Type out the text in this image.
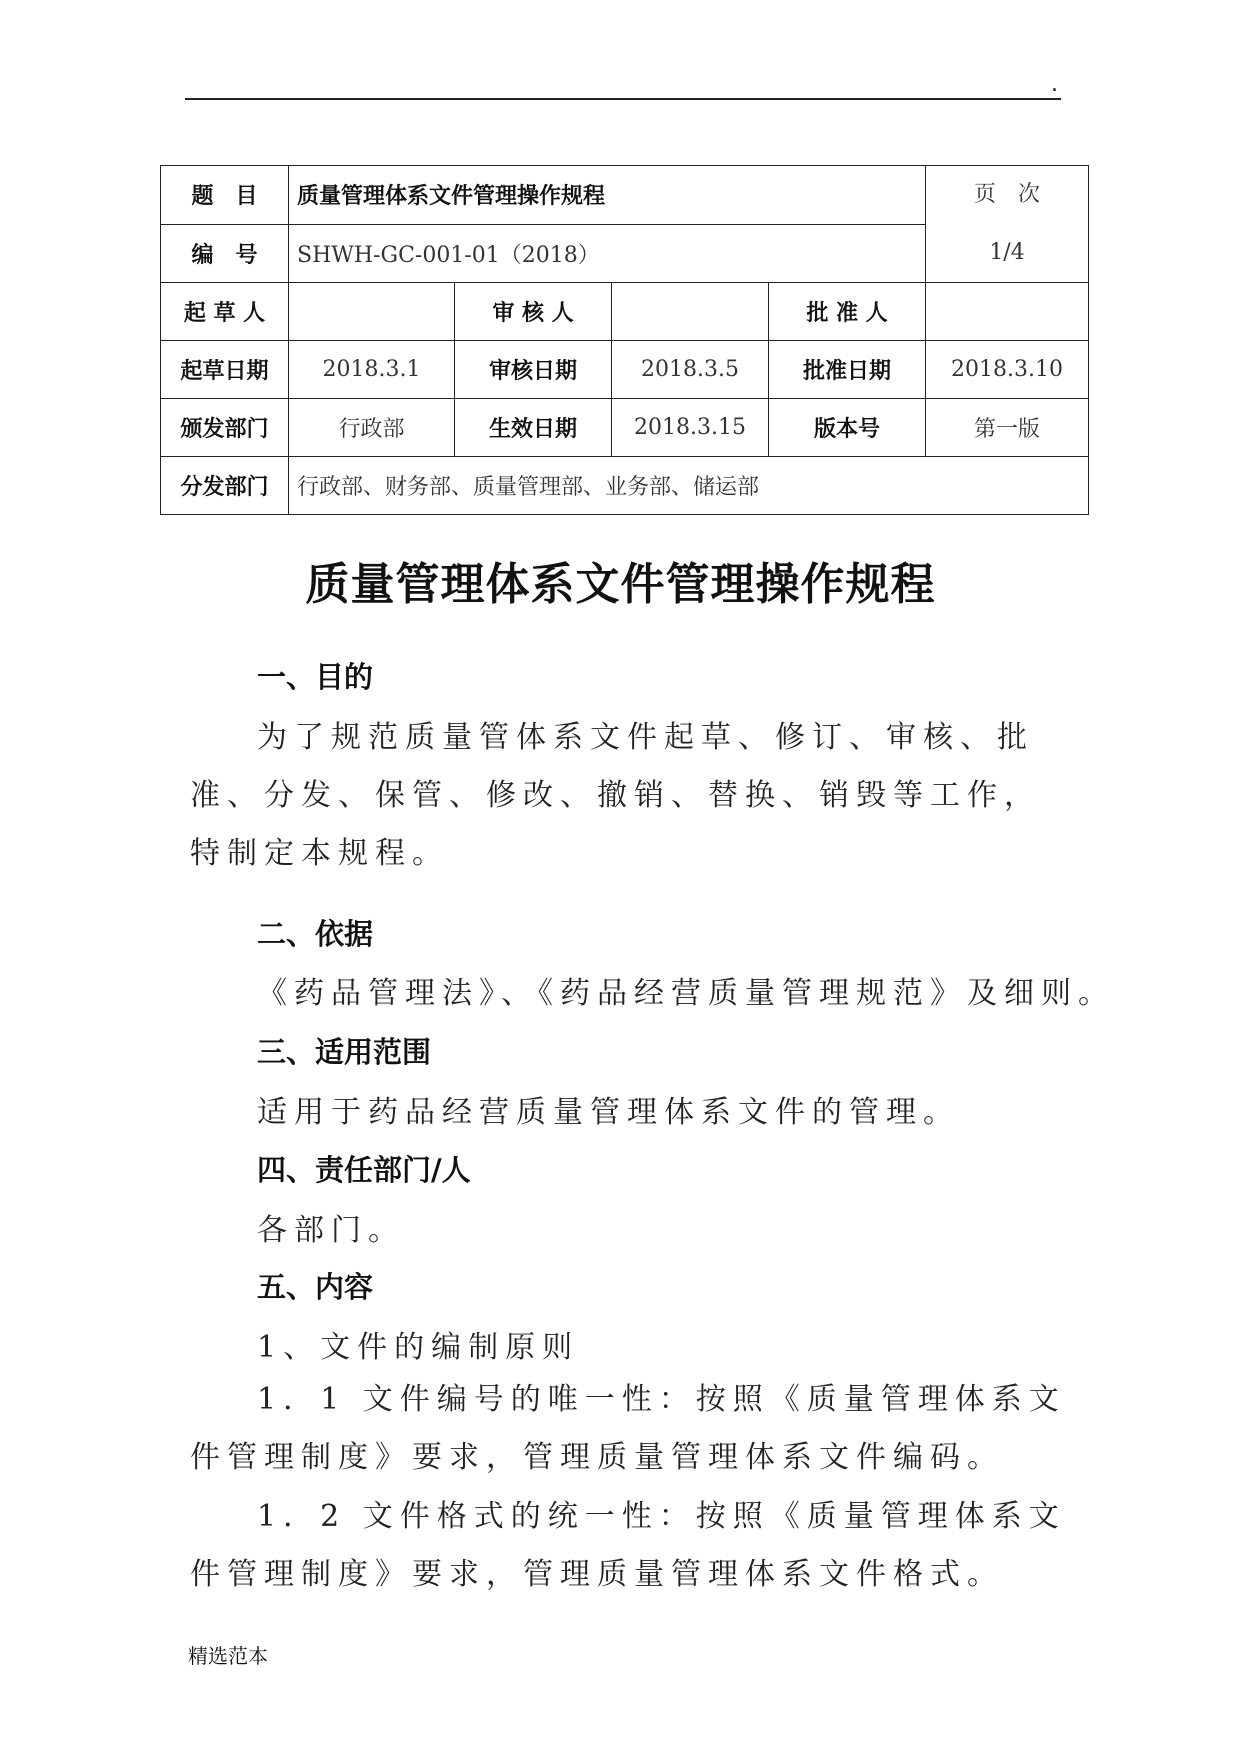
.
题　目	质量管理体系文件管理操作规程				页　次
1/4

编　号	SHWH-GC-001-01（2018）				
起 草 人		审 核 人		批 准 人	
起草日期	2018.3.1	审核日期	2018.3.5	批准日期	2018.3.10
颁发部门	行政部	生效日期	2018.3.15	版本号	第一版
分发部门	行政部、财务部、质量管理部、业务部、储运部				
质量管理体系文件管理操作规程
一、目的
为了规范质量管体系文件起草、修订、审核、批准、分发、保管、修改、撤销、替换、销毁等工作，特制定本规程。
二、依据
《药品管理法》、《药品经营质量管理规范》及细则。
三、适用范围
适用于药品经营质量管理体系文件的管理。
四、责任部门/人
各部门。
五、内容
1、文件的编制原则
1．1 文件编号的唯一性：按照《质量管理体系文件管理制度》要求，管理质量管理体系文件编码。
1．2 文件格式的统一性：按照《质量管理体系文件管理制度》要求，管理质量管理体系文件格式。
精选范本
